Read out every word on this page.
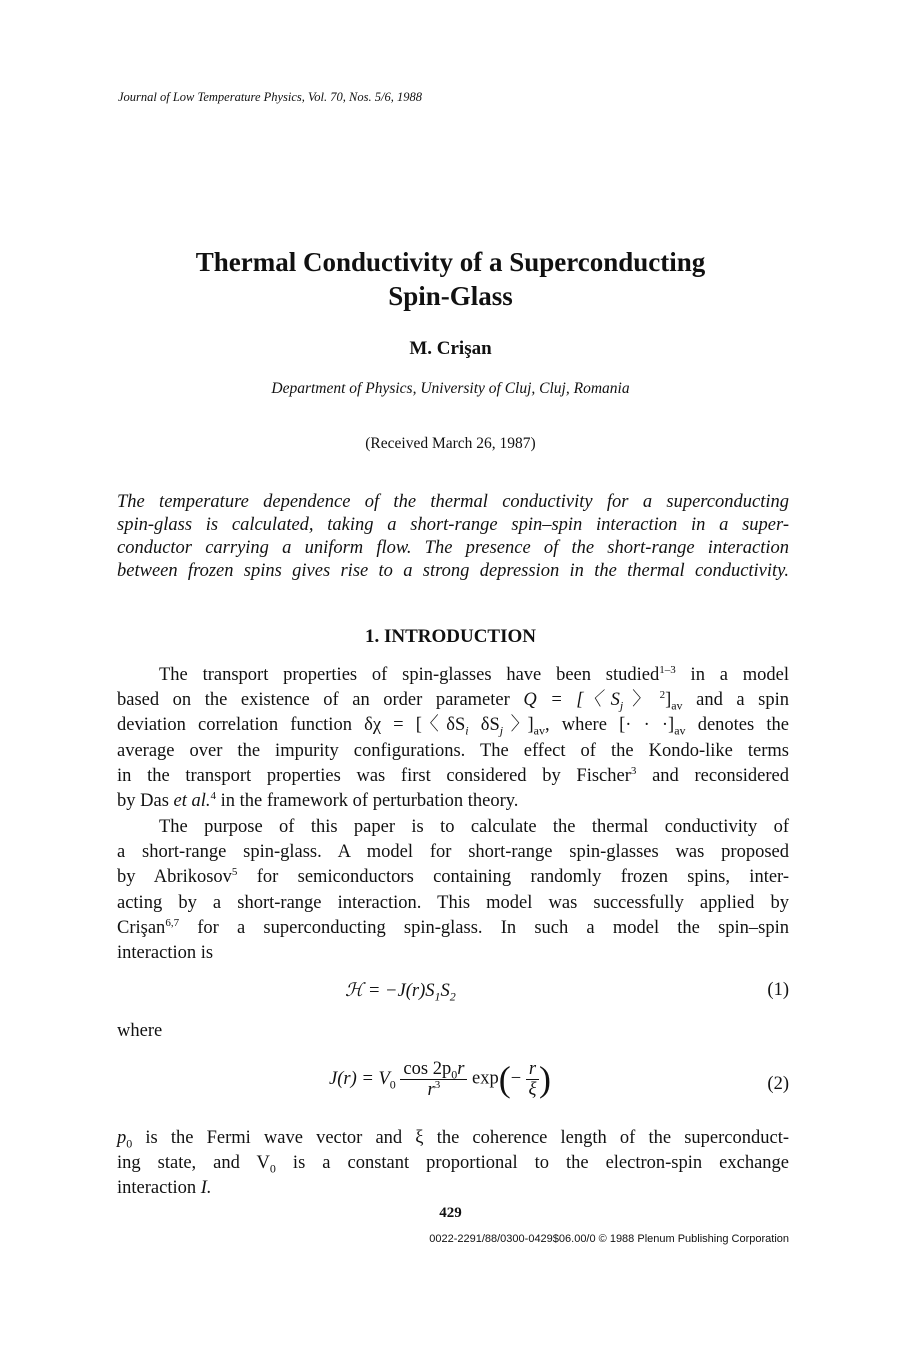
Journal of Low Temperature Physics, Vol. 70, Nos. 5/6, 1988
Thermal Conductivity of a Superconducting
Spin-Glass
M. Crişan
Department of Physics, University of Cluj, Cluj, Romania
(Received March 26, 1987)
The temperature dependence of the thermal conductivity for a superconducting
spin-glass is calculated, taking a short-range spin–spin interaction in a super-
conductor carrying a uniform flow. The presence of the short-range interaction
between frozen spins gives rise to a strong depression in the thermal conductivity.
1. INTRODUCTION
The transport properties of spin-glasses have been studied$^{1-3}$ in a model
based on the existence of an order parameter Q = [〈$S_j$〉$^2]_{av}$ and a spin
deviation correlation function δχ = [〈$\delta S_i$ $\delta S_j$〉]$_{av}$, where [· · $\cdot]_{av}$ denotes the
average over the impurity configurations. The effect of the Kondo-like terms
in the transport properties was first considered by Fischer$^3$ and reconsidered
by Das et al.$^4$ in the framework of perturbation theory.
The purpose of this paper is to calculate the thermal conductivity of
a short-range spin-glass. A model for short-range spin-glasses was proposed
by Abrikosov$^5$ for semiconductors containing randomly frozen spins, inter-
acting by a short-range interaction. This model was successfully applied by
Crişan$^{6,7}$ for a superconducting spin-glass. In such a model the spin–spin
interaction is
ℋ = $-J(r)S_1S_2$	(1)
where
$J(r) = V_0 \frac{\cos 2p_0r}{r^3} \exp(- \frac{r}{\xi}$ )	(2)
$p_0$ is the Fermi wave vector and ξ the coherence length of the superconduct-
ing state, and $V_0$ is a constant proportional to the electron-spin exchange
interaction I.
429
0022-2291/88/0300-0429$06.00/0 © 1988 Plenum Publishing Corporation
